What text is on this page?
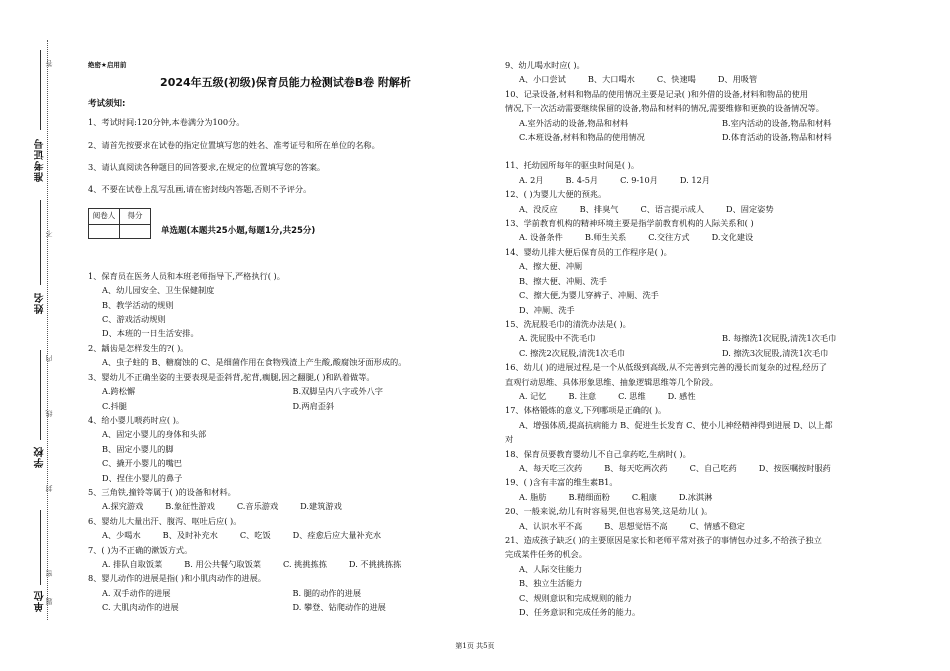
准考证号
姓名
学校
单位
答
不
内
线
封
密
题
绝密★启用前
2024年五级(初级)保育员能力检测试卷B卷 附解析
考试须知:

1、考试时间:120分钟,本卷满分为100分。

2、请首先按要求在试卷的指定位置填写您的姓名、准考证号和所在单位的名称。

3、请认真阅读各种题目的回答要求,在规定的位置填写您的答案。

4、不要在试卷上乱写乱画,请在密封线内答题,否则不予评分。

阅卷人	得分

单选题(本题共25小题,每题1分,共25分)
1、保育员在医务人员和本班老师指导下,严格执行( )。
A、幼儿园安全、卫生保健制度
B、教学活动的规则
C、游戏活动规则
D、本班的一日生活安排。
2、龋齿是怎样发生的?( )。
A、虫子蛀的 B、糖腐蚀的 C、是细菌作用在食物残渣上产生酸,酸腐蚀牙面形成的。
3、婴幼儿不正确坐姿的主要表现是歪斜背,驼背,瘸腿,因之翻腿,( )和趴着做等。
A.跨松懈	B.双脚呈内八字或外八字
C.抖腿	D.两肩歪斜
4、给小婴儿喂药时应( )。
A、固定小婴儿的身体和头部
B、固定小婴儿的脚
C、撬开小婴儿的嘴巴
D、捏住小婴儿的鼻子
5、三角铁,撞铃等属于( )的设备和材料。
A.探究游戏	B.象征性游戏	C.音乐游戏	D.建筑游戏
6、婴幼儿大量出汗、腹泻、呕吐后应( )。
A、少喝水	B、及时补充水	C、吃饭	D、痊愈后应大量补充水
7、( )为不正确的漱饭方式。
A. 排队自取饭菜	B. 用公共餐勺取饭菜	C. 挑挑拣拣	D. 不挑挑拣拣
8、婴儿动作的进展是指( )和小肌肉动作的进展。
A. 双手动作的进展	B. 腿的动作的进展
C. 大肌肉动作的进展	D. 攀登、钻爬动作的进展
9、幼儿喝水时应( )。
A、小口尝试	B、大口喝水	C、快速喝	D、用吸管
10、记录设备,材料和物品的使用情况主要是记录( )和外借的设备,材料和物品的使用
情况,下一次活动需要继续保留的设备,物品和材料的情况,需要维修和更换的设备情况等。
A.室外活动的设备,物品和材料	B.室内活动的设备,物品和材料
C.本班设备,材料和物品的使用情况	D.体育活动的设备,物品和材料
11、托幼园所每年的驱虫时间是( )。
A. 2月	B. 4-5月	C. 9-10月	D. 12月
12、( )为婴儿大便的预兆。
A、没反应	B、排臭气	C、语言提示成人	D、固定姿势
13、学前教育机构的精神环境主要是指学前教育机构的人际关系和( )
A. 设备条件	B.师生关系	C.交往方式	D.文化建设
14、婴幼儿排大便后保育员的工作程序是( )。
A、擦大便、冲厕
B、擦大便、冲厕、洗手
C、擦大便,为婴儿穿裤子、冲厕、洗手
D、冲厕、洗手
15、洗屁股毛巾的清洗办法是( )。
A. 洗屁股中不洗毛巾	B. 每擦洗1次屁股,清洗1次毛巾
C. 擦洗2次屁股,清洗1次毛巾	D. 擦洗3次屁股,清洗1次毛巾
16、幼儿( )的进展过程,是一个从低级到高级,从不完善到完善的漫长而复杂的过程,经历了
直观行动思维、具体形象思维、抽象逻辑思维等几个阶段。
A. 记忆	B. 注意	C. 思维	D. 感性
17、体格锻炼的意义,下列哪项是正确的( )。
A、增强体质,提高抗病能力 B、促进生长发育 C、使小儿神经精神得到进展 D、以上都
对
18、保育员要教育婴幼儿不自己拿药吃,生病时( )。
A、每天吃三次药	B、每天吃两次药	C、自己吃药	D、按医嘱按时服药
19、( )含有丰富的维生素B1。
A. 脂肪	B.精细面粉	C.粗康	D.冰淇淋
20、一般来说,幼儿有时容易哭,但也容易笑,这是幼儿( )。
A、认识水平不高	B、思想觉悟不高	C、情感不稳定
21、造成孩子缺乏( )的主要原因是家长和老师平常对孩子的事情包办过多,不给孩子独立
完成某件任务的机会。
A、人际交往能力
B、独立生活能力
C、规则意识和完成规则的能力
D、任务意识和完成任务的能力。
第1页 共5页
